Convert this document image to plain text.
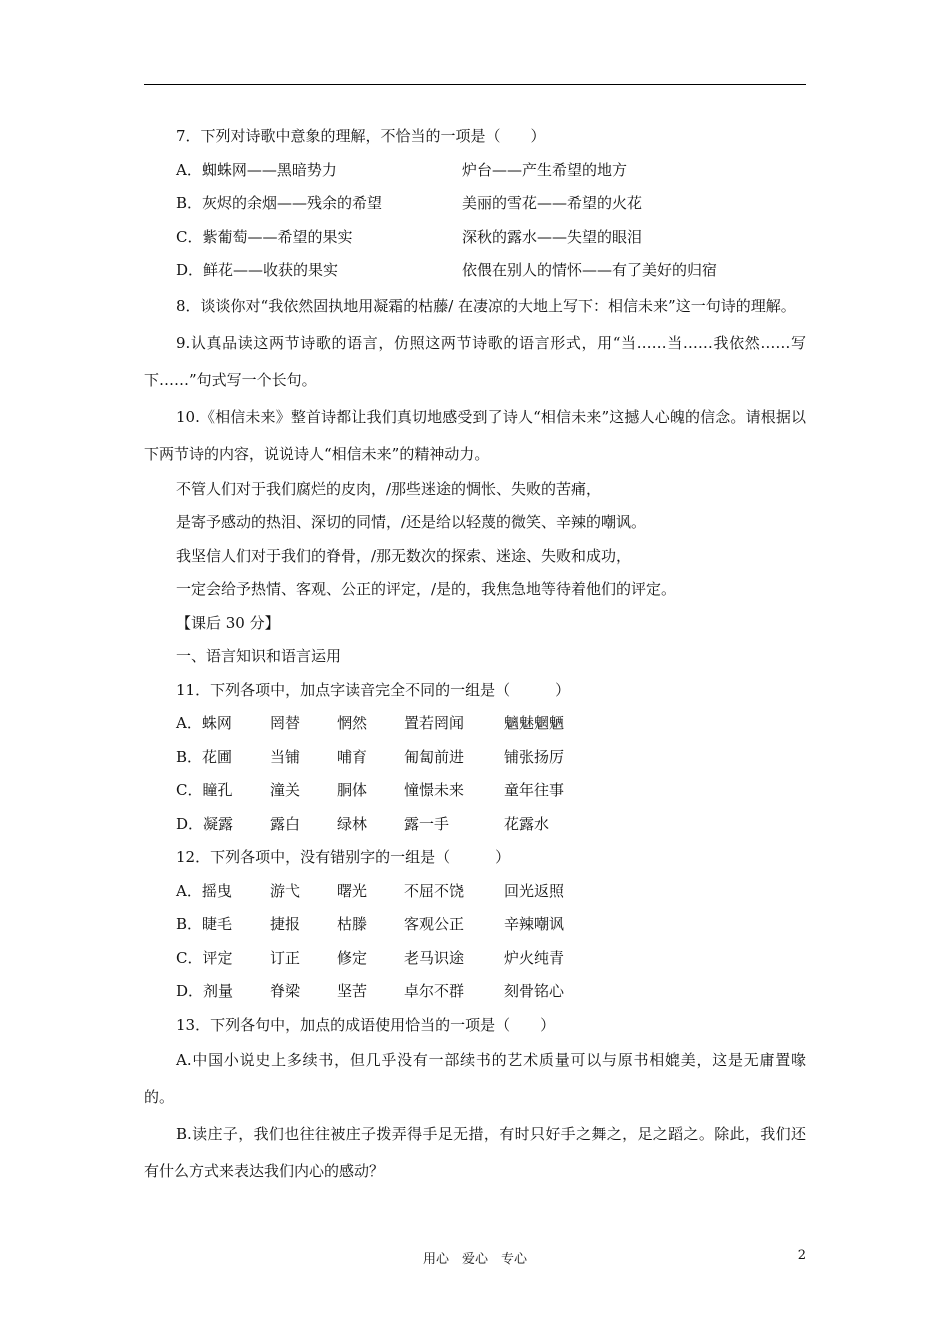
7．下列对诗歌中意象的理解，不恰当的一项是（　　）
A．蜘蛛网——黑暗势力	炉台——产生希望的地方
B．灰烬的余烟——残余的希望	美丽的雪花——希望的火花
C．紫葡萄——希望的果实	深秋的露水——失望的眼泪
D．鲜花——收获的果实	依偎在别人的情怀——有了美好的归宿
8．谈谈你对“我依然固执地用凝霜的枯藤/ 在凄凉的大地上写下：相信未来”这一句诗的理解。
9.认真品读这两节诗歌的语言，仿照这两节诗歌的语言形式，用“当……当……我依然……写下……”句式写一个长句。
10.《相信未来》整首诗都让我们真切地感受到了诗人“相信未来”这撼人心魄的信念。请根据以下两节诗的内容，说说诗人“相信未来”的精神动力。
不管人们对于我们腐烂的皮肉，/那些迷途的惆怅、失败的苦痛，
是寄予感动的热泪、深切的同情，/还是给以轻蔑的微笑、辛辣的嘲讽。
我坚信人们对于我们的脊骨，/那无数次的探索、迷途、失败和成功，
一定会给予热情、客观、公正的评定，/是的，我焦急地等待着他们的评定。
【课后 30 分】
一、语言知识和语言运用
11．下列各项中，加点字读音完全不同的一组是（　　　）
A．蛛网	罔替	惘然	置若罔闻	魑魅魍魉
B．花圃	当铺	哺育	匍匐前进	铺张扬厉
C．瞳孔	潼关	胴体	憧憬未来	童年往事
D．凝露	露白	绿林	露一手	花露水
12．下列各项中，没有错别字的一组是（　　　）
A．摇曳	游弋	曙光	不屈不饶	回光返照
B．睫毛	捷报	枯滕	客观公正	辛辣嘲讽
C．评定	订正	修定	老马识途	炉火纯青
D．剂量	脊梁	坚苦	卓尔不群	刻骨铭心
13．下列各句中，加点的成语使用恰当的一项是（　　）
A.中国小说史上多续书，但几乎没有一部续书的艺术质量可以与原书相媲美，这是无庸置喙的。
B.读庄子，我们也往往被庄子拨弄得手足无措，有时只好手之舞之，足之蹈之。除此，我们还有什么方式来表达我们内心的感动？
用心　爱心　专心	2
